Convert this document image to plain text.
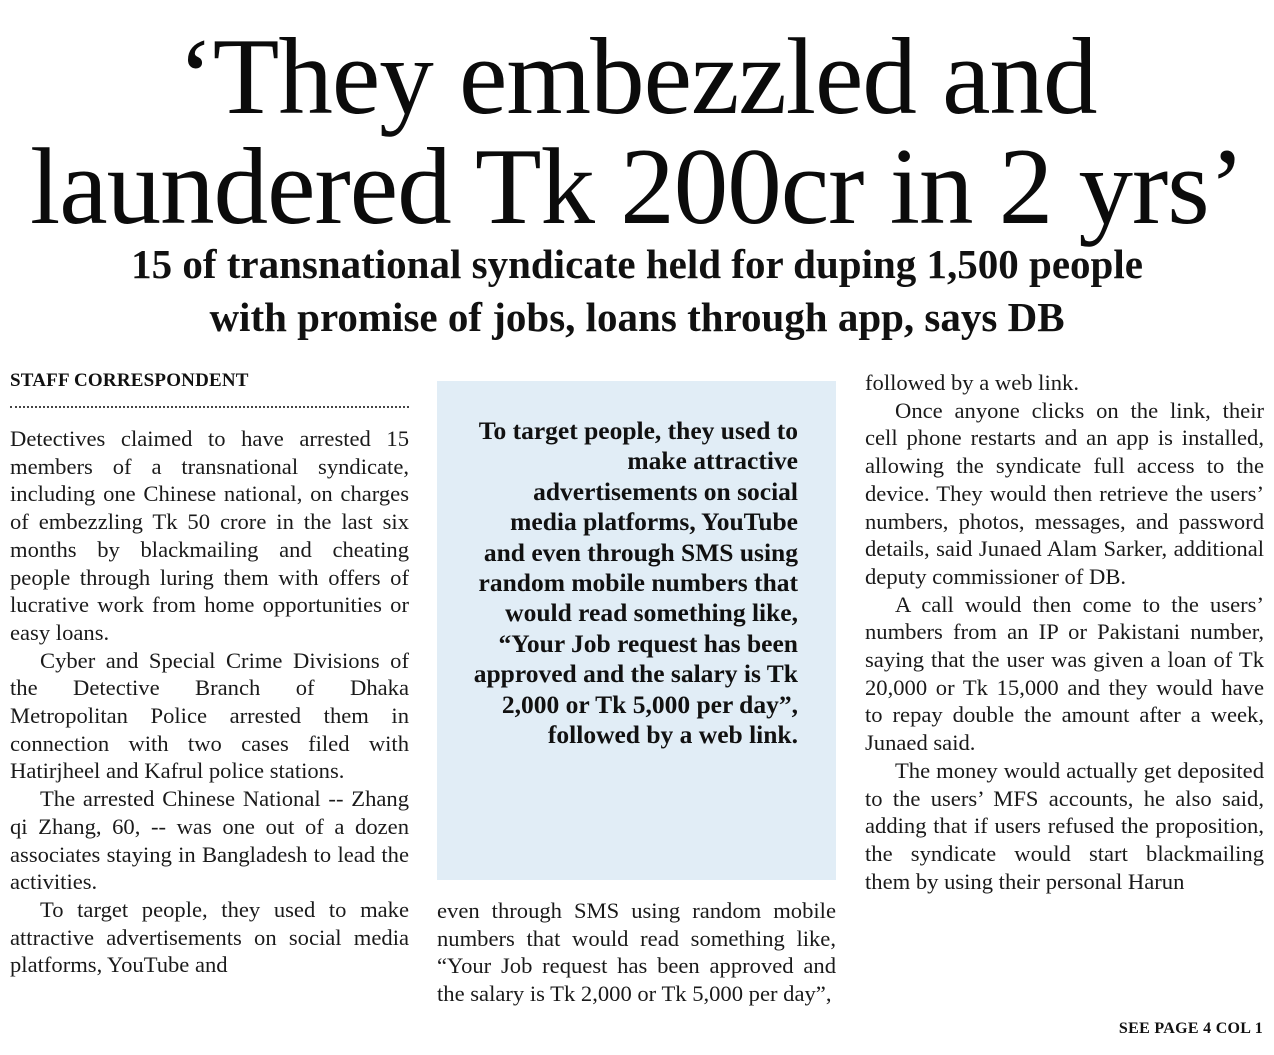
‘They embezzled and
laundered Tk 200cr in 2 yrs’
15 of transnational syndicate held for duping 1,500 people
with promise of jobs, loans through app, says DB
STAFF CORRESPONDENT

Detectives claimed to have arrested 15 members of a transnational syndicate, including one Chinese national, on charges of embezzling Tk 50 crore in the last six months by blackmailing and cheating people through luring them with offers of lucrative work from home opportunities or easy loans.

Cyber and Special Crime Divisions of the Detective Branch of Dhaka Metropolitan Police arrested them in connection with two cases filed with Hatirjheel and Kafrul police stations.

The arrested Chinese National -- Zhang qi Zhang, 60, -- was one out of a dozen associates staying in Bangladesh to lead the activities.

To target people, they used to make attractive advertisements on social media platforms, YouTube and

To target people, they used to make attractive advertisements on social media platforms, YouTube and even through SMS using random mobile numbers that would read something like, “Your Job request has been approved and the salary is Tk 2,000 or Tk 5,000 per day”, followed by a web link.

even through SMS using random mobile numbers that would read something like, “Your Job request has been approved and the salary is Tk 2,000 or Tk 5,000 per day”,

followed by a web link.

Once anyone clicks on the link, their cell phone restarts and an app is installed, allowing the syndicate full access to the device. They would then retrieve the users’ numbers, photos, messages, and password details, said Junaed Alam Sarker, additional deputy commissioner of DB.

A call would then come to the users’ numbers from an IP or Pakistani number, saying that the user was given a loan of Tk 20,000 or Tk 15,000 and they would have to repay double the amount after a week, Junaed said.

The money would actually get deposited to the users’ MFS accounts, he also said, adding that if users refused the proposition, the syndicate would start blackmailing them by using their personal Harun

SEE PAGE 4 COL 1
